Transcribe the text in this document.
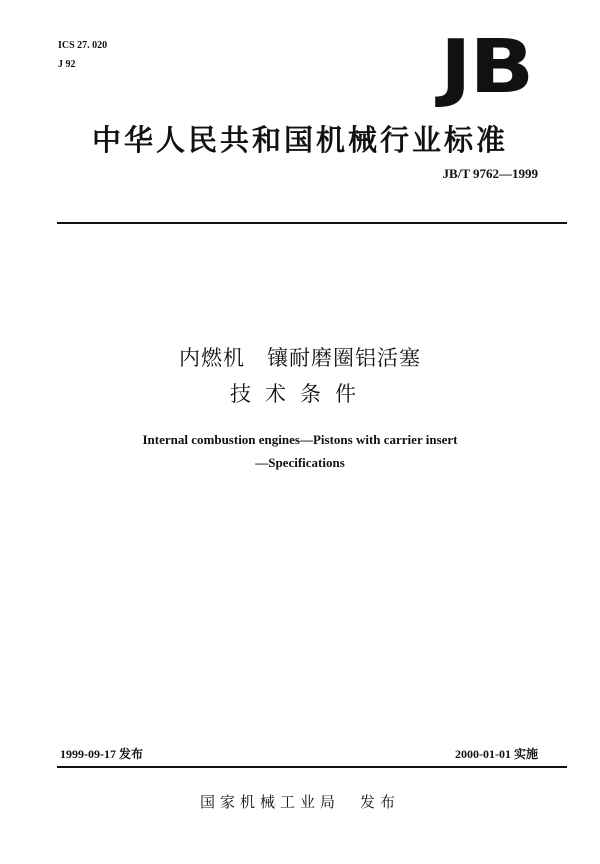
ICS 27. 020
J 92	JB
中华人民共和国机械行业标准
JB/T 9762—1999
内燃机　镶耐磨圈铝活塞
技术条件
Internal combustion engines—Pistons with carrier insert
—Specifications
1999-09-17 发布	2000-01-01 实施
国家机械工业局　发布
